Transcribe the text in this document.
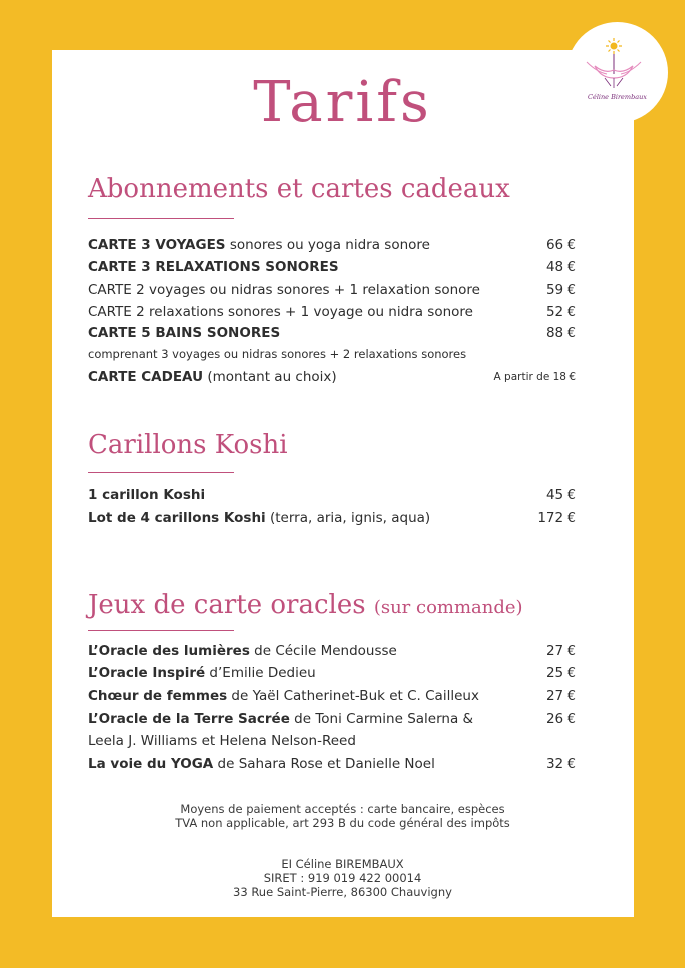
Céline Birembaux
Tarifs
Abonnements et cartes cadeaux
CARTE 3 VOYAGES sonores ou yoga nidra sonore	66 €
CARTE 3 RELAXATIONS SONORES	48 €
CARTE 2 voyages ou nidras sonores + 1 relaxation sonore	59 €
CARTE 2 relaxations sonores + 1 voyage ou nidra sonore	52 €
CARTE 5 BAINS SONORES	88 €
comprenant 3 voyages ou nidras sonores + 2 relaxations sonores
CARTE CADEAU (montant au choix)	A partir de 18 €
Carillons Koshi
1 carillon Koshi	45 €
Lot de 4 carillons Koshi (terra, aria, ignis, aqua)	172 €
Jeux de carte oracles (sur commande)
L’Oracle des lumières de Cécile Mendousse	27 €
L’Oracle Inspiré d’Emilie Dedieu	25 €
Chœur de femmes de Yaël Catherinet-Buk et C. Cailleux	27 €
L’Oracle de la Terre Sacrée de Toni Carmine Salerna &	26 €
Leela J. Williams et Helena Nelson-Reed
La voie du YOGA de Sahara Rose et Danielle Noel	32 €
Moyens de paiement acceptés : carte bancaire, espèces
TVA non applicable, art 293 B du code général des impôts
EI Céline BIREMBAUX
SIRET : 919 019 422 00014
33 Rue Saint-Pierre, 86300 Chauvigny
